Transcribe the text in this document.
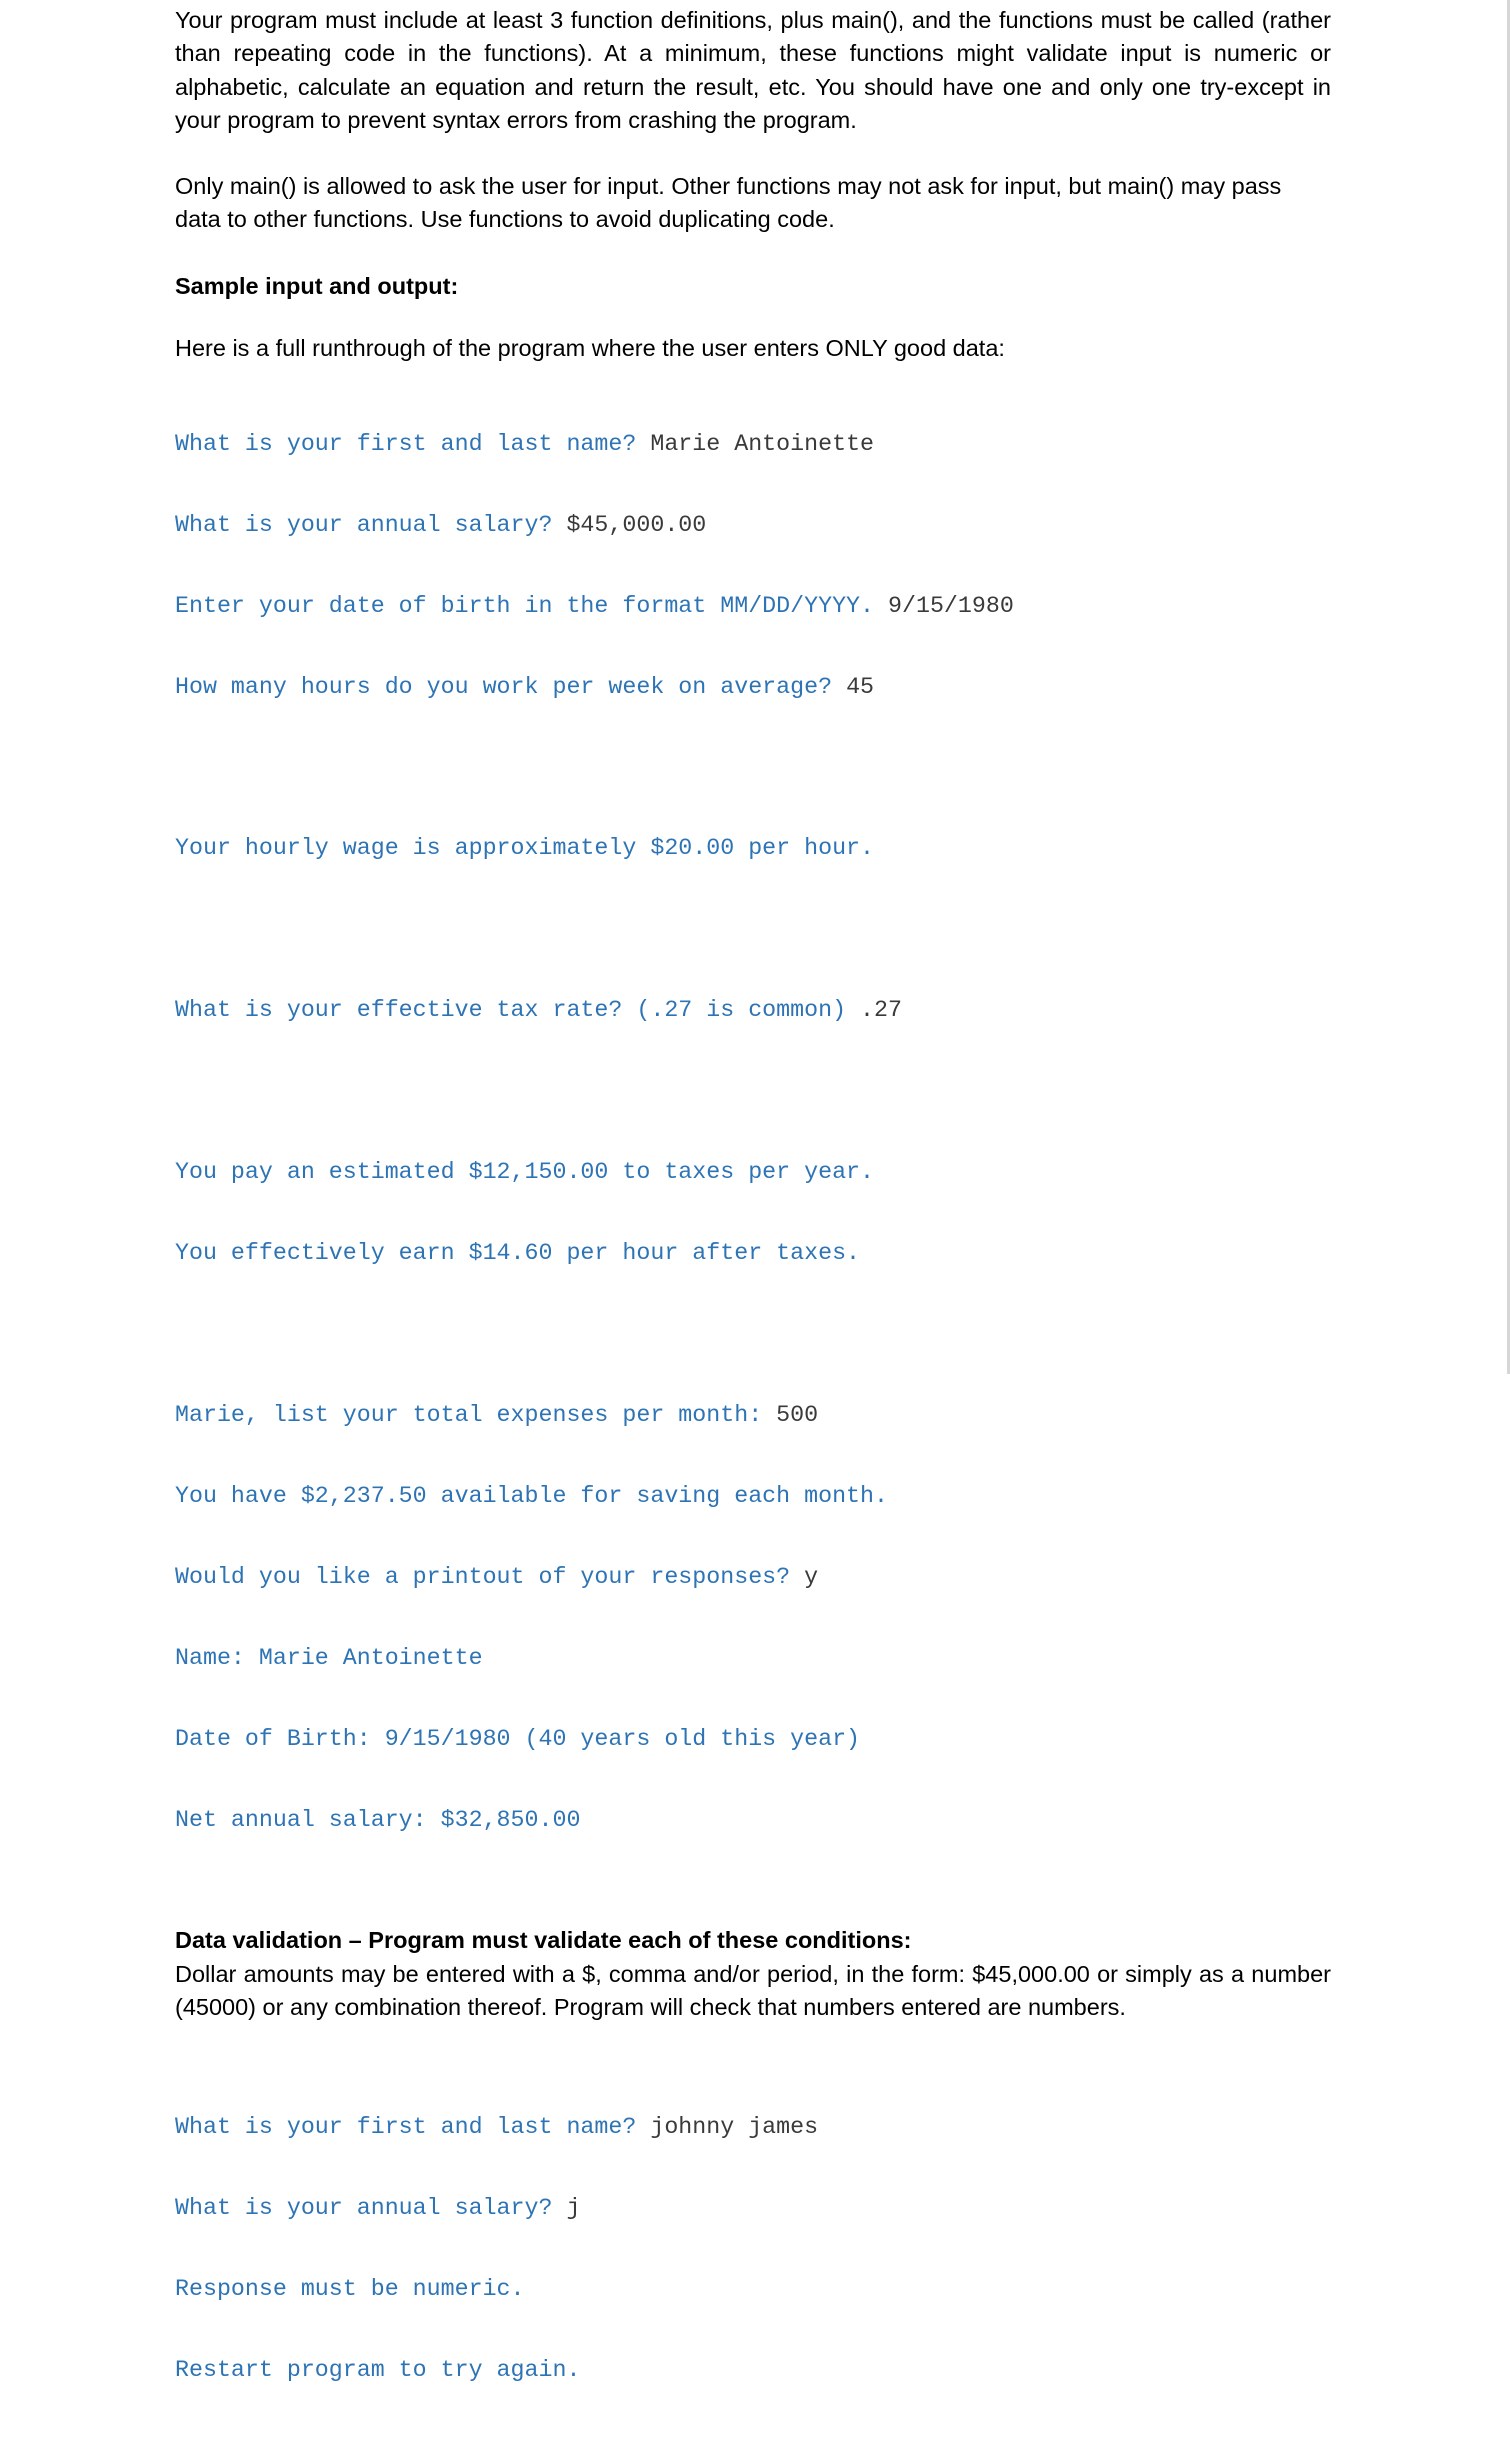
Your program must include at least 3 function definitions, plus main(), and the functions must be called (rather than repeating code in the functions). At a minimum, these functions might validate input is numeric or alphabetic, calculate an equation and return the result, etc. You should have one and only one try-except in your program to prevent syntax errors from crashing the program.

Only main() is allowed to ask the user for input. Other functions may not ask for input, but main() may pass data to other functions. Use functions to avoid duplicating code.

Sample input and output:

Here is a full runthrough of the program where the user enters ONLY good data:

What is your first and last name? Marie Antoinette

What is your annual salary? $45,000.00

Enter your date of birth in the format MM/DD/YYYY. 9/15/1980

How many hours do you work per week on average? 45

Your hourly wage is approximately $20.00 per hour.

What is your effective tax rate? (.27 is common) .27

You pay an estimated $12,150.00 to taxes per year.

You effectively earn $14.60 per hour after taxes.

Marie, list your total expenses per month: 500

You have $2,237.50 available for saving each month.

Would you like a printout of your responses? y

Name: Marie Antoinette

Date of Birth: 9/15/1980 (40 years old this year)

Net annual salary: $32,850.00

Data validation – Program must validate each of these conditions:

Dollar amounts may be entered with a $, comma and/or period, in the form: $45,000.00 or simply as a number (45000) or any combination thereof. Program will check that numbers entered are numbers.

What is your first and last name? johnny james

What is your annual salary? j

Response must be numeric.

Restart program to try again.
